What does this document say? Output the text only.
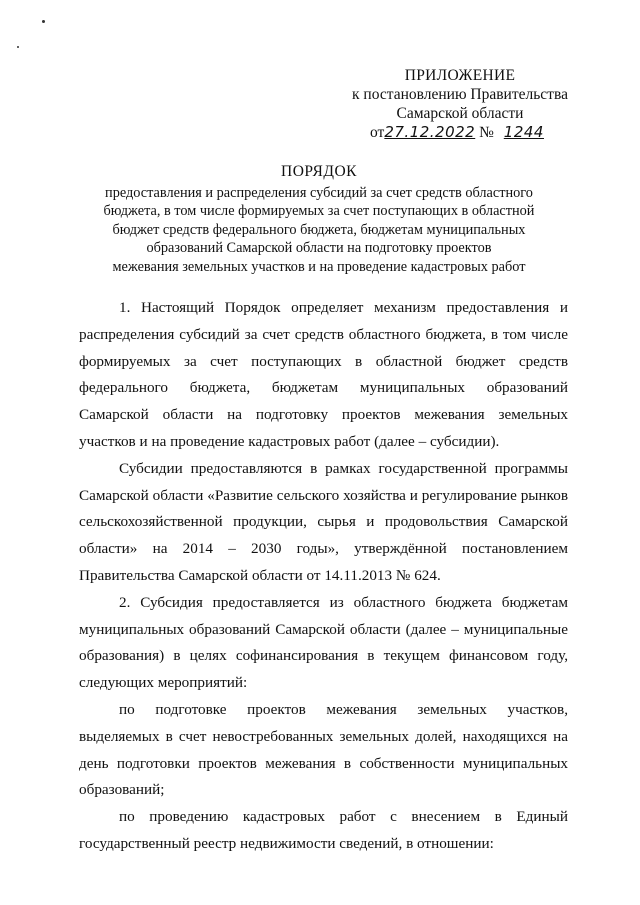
ПРИЛОЖЕНИЕ
к постановлению Правительства
Самарской области
от27.12.2022 № 1244
ПОРЯДОК
предоставления и распределения субсидий за счет средств областного
бюджета, в том числе формируемых за счет поступающих в областной
бюджет средств федерального бюджета, бюджетам муниципальных
образований Самарской области на подготовку проектов
межевания земельных участков и на проведение кадастровых работ

1. Настоящий Порядок определяет механизм предоставления и распределения субсидий за счет средств областного бюджета, в том числе формируемых за счет поступающих в областной бюджет средств федерального бюджета, бюджетам муниципальных образований Самарской области на подготовку проектов межевания земельных участков и на проведение кадастровых работ (далее – субсидии).

Субсидии предоставляются в рамках государственной программы Самарской области «Развитие сельского хозяйства и регулирование рынков сельскохозяйственной продукции, сырья и продовольствия Самарской области» на 2014 – 2030 годы», утверждённой постановлением Правительства Самарской области от 14.11.2013 № 624.

2. Субсидия предоставляется из областного бюджета бюджетам муниципальных образований Самарской области (далее – муниципальные образования) в целях софинансирования в текущем финансовом году, следующих мероприятий:

по подготовке проектов межевания земельных участков, выделяемых в счет невостребованных земельных долей, находящихся на день подготовки проектов межевания в собственности муниципальных образований;

по проведению кадастровых работ с внесением в Единый государственный реестр недвижимости сведений, в отношении:
